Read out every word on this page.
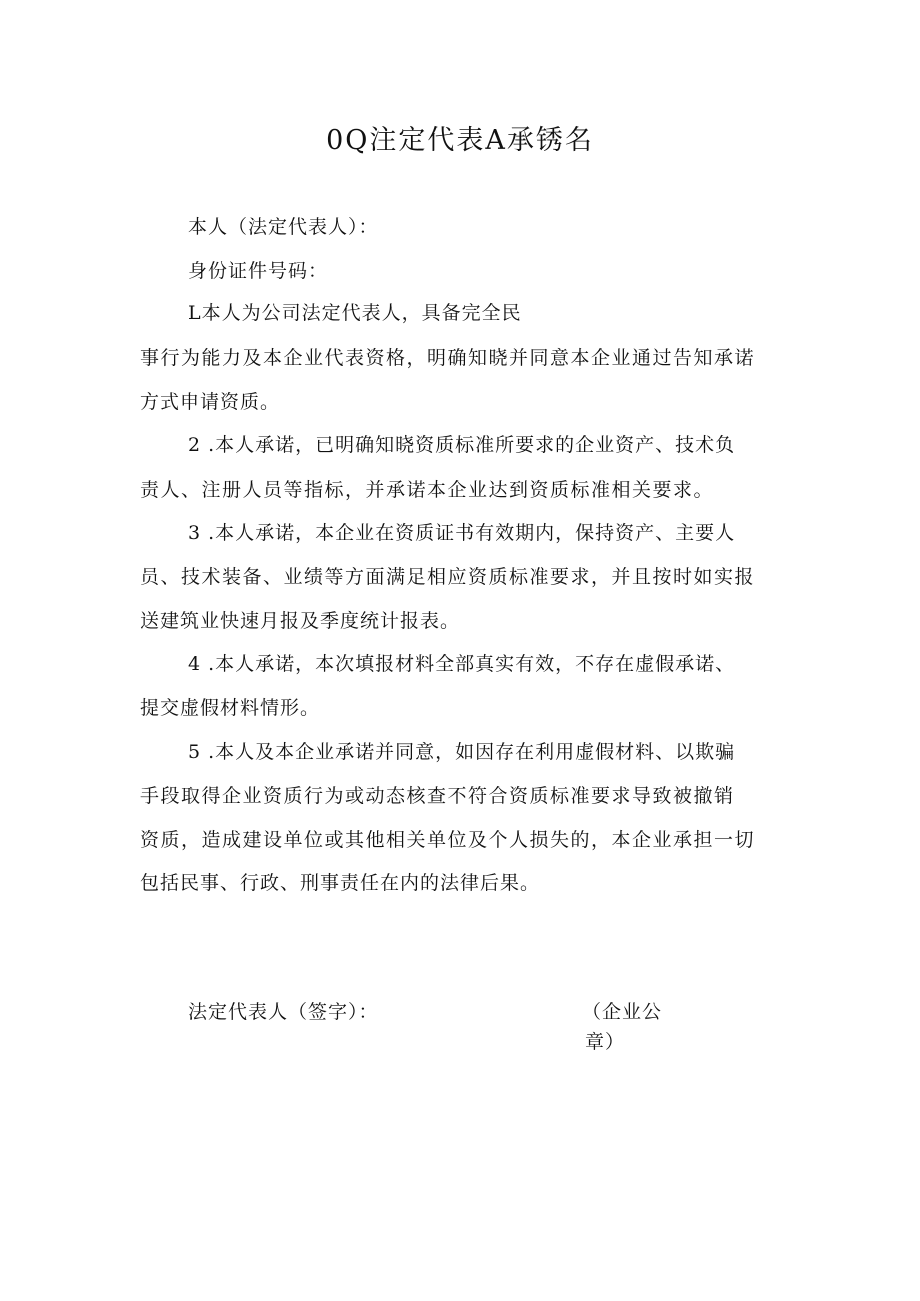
0Q注定代表A承锈名

本人（法定代表人）：

身份证件号码：

L本人为公司法定代表人，具备完全民

事行为能力及本企业代表资格，明确知晓并同意本企业通过告知承诺

方式申请资质。

2 .本人承诺，已明确知晓资质标准所要求的企业资产、技术负

责人、注册人员等指标，并承诺本企业达到资质标准相关要求。

3 .本人承诺，本企业在资质证书有效期内，保持资产、主要人

员、技术装备、业绩等方面满足相应资质标准要求，并且按时如实报

送建筑业快速月报及季度统计报表。

4 .本人承诺，本次填报材料全部真实有效，不存在虚假承诺、

提交虚假材料情形。

5 .本人及本企业承诺并同意，如因存在利用虚假材料、以欺骗

手段取得企业资质行为或动态核查不符合资质标准要求导致被撤销

资质，造成建设单位或其他相关单位及个人损失的，本企业承担一切

包括民事、行政、刑事责任在内的法律后果。

法定代表人（签字）：	（企业公

章）
